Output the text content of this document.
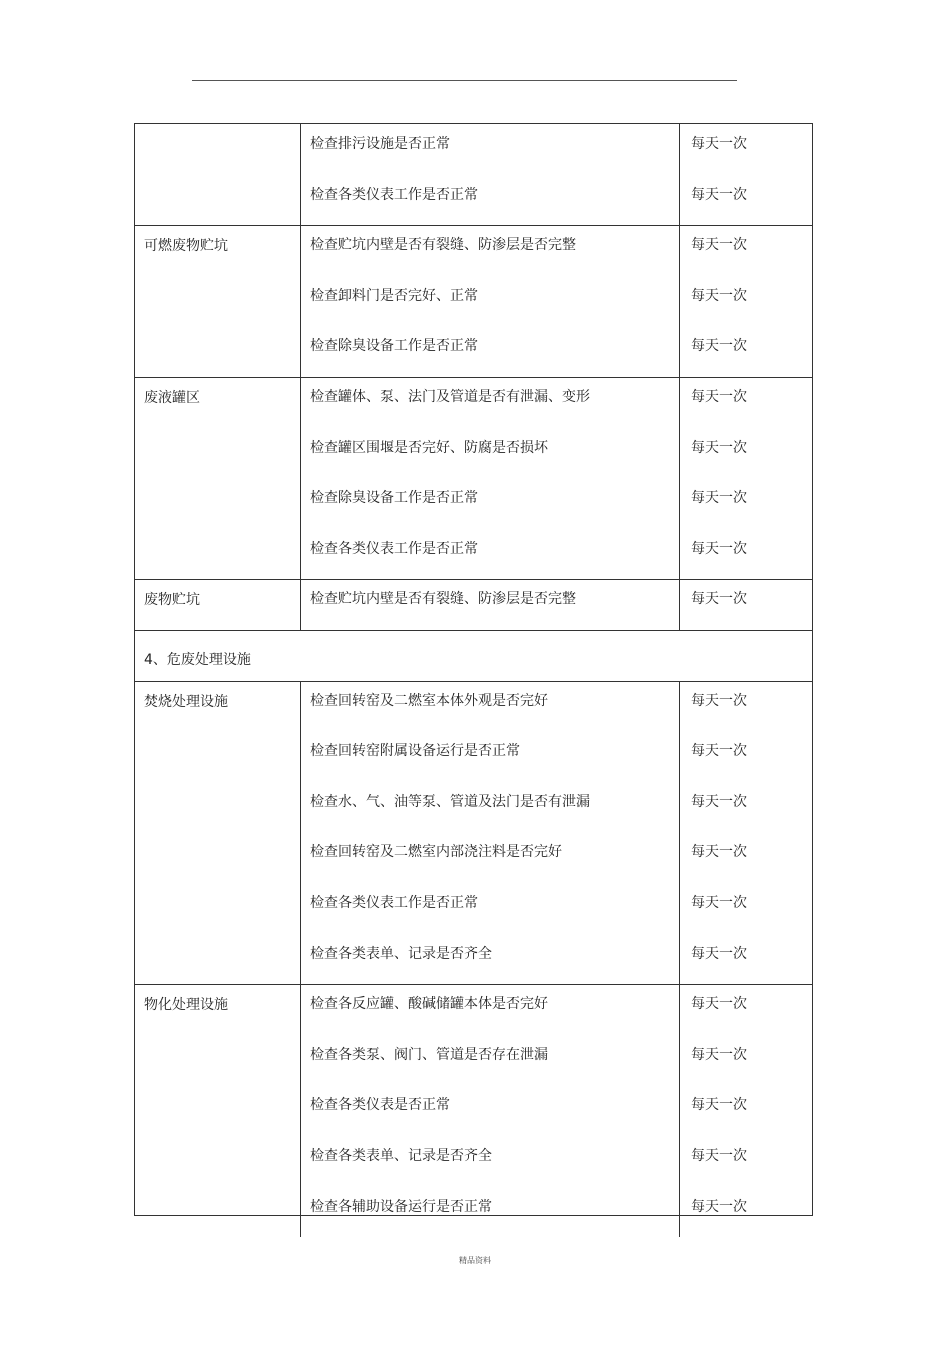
检查排污设施是否正常	每天一次
检查各类仪表工作是否正常	每天一次
可燃废物贮坑	检查贮坑内壁是否有裂缝、防渗层是否完整	每天一次
检查卸料门是否完好、正常	每天一次
检查除臭设备工作是否正常	每天一次
废液罐区	检查罐体、泵、法门及管道是否有泄漏、变形	每天一次
检查罐区围堰是否完好、防腐是否损坏	每天一次
检查除臭设备工作是否正常	每天一次
检查各类仪表工作是否正常	每天一次
废物贮坑	检查贮坑内壁是否有裂缝、防渗层是否完整	每天一次
4、危废处理设施
焚烧处理设施	检查回转窑及二燃室本体外观是否完好	每天一次
检查回转窑附属设备运行是否正常	每天一次
检查水、气、油等泵、管道及法门是否有泄漏	每天一次
检查回转窑及二燃室内部浇注料是否完好	每天一次
检查各类仪表工作是否正常	每天一次
检查各类表单、记录是否齐全	每天一次
物化处理设施	检查各反应罐、酸碱储罐本体是否完好	每天一次
检查各类泵、阀门、管道是否存在泄漏	每天一次
检查各类仪表是否正常	每天一次
检查各类表单、记录是否齐全	每天一次
检查各辅助设备运行是否正常	每天一次
精品资料
